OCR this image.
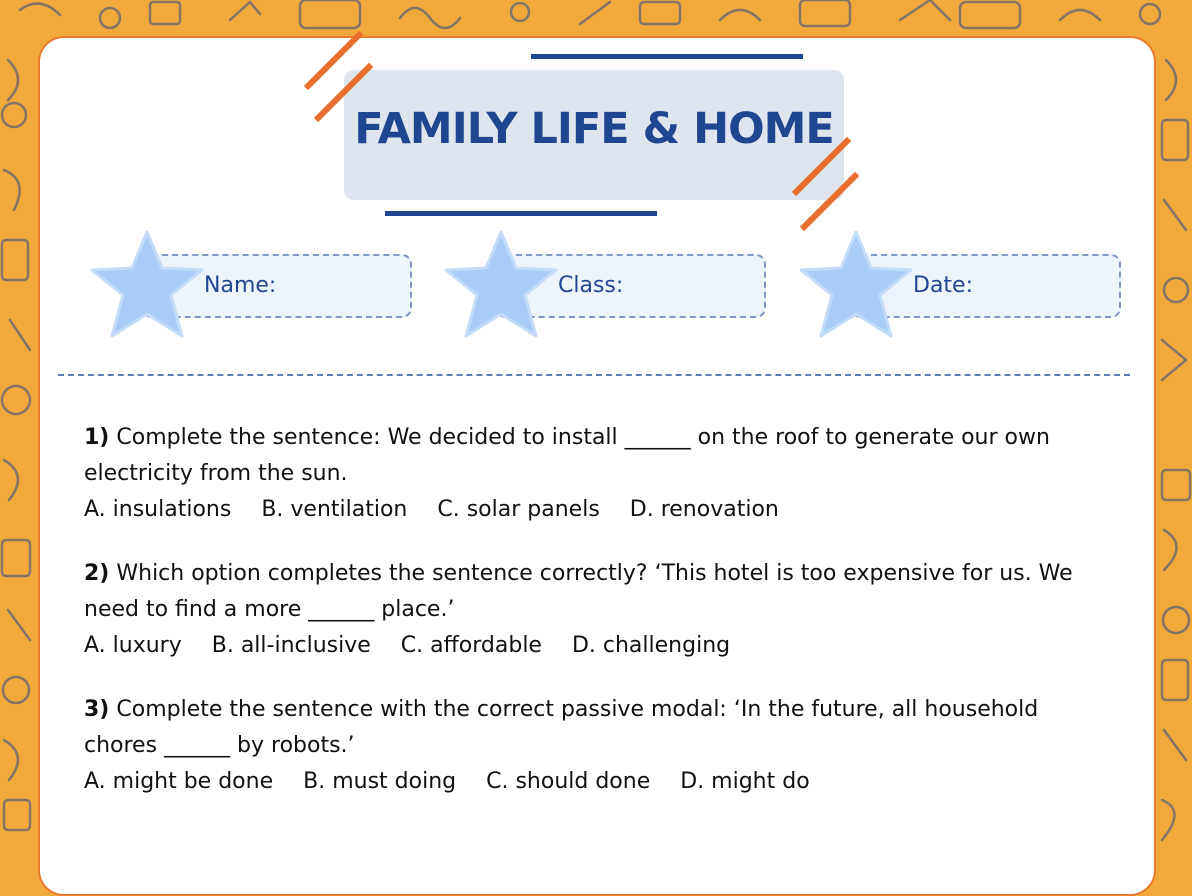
FAMILY LIFE & HOME
Name:	Class:	Date:
1) Complete the sentence: We decided to install ______ on the roof to generate our own electricity from the sun.
A. insulations B. ventilation C. solar panels D. renovation
2) Which option completes the sentence correctly? ‘This hotel is too expensive for us. We need to find a more ______ place.’
A. luxury B. all-inclusive C. affordable D. challenging
3) Complete the sentence with the correct passive modal: ‘In the future, all household chores ______ by robots.’
A. might be done B. must doing C. should done D. might do
